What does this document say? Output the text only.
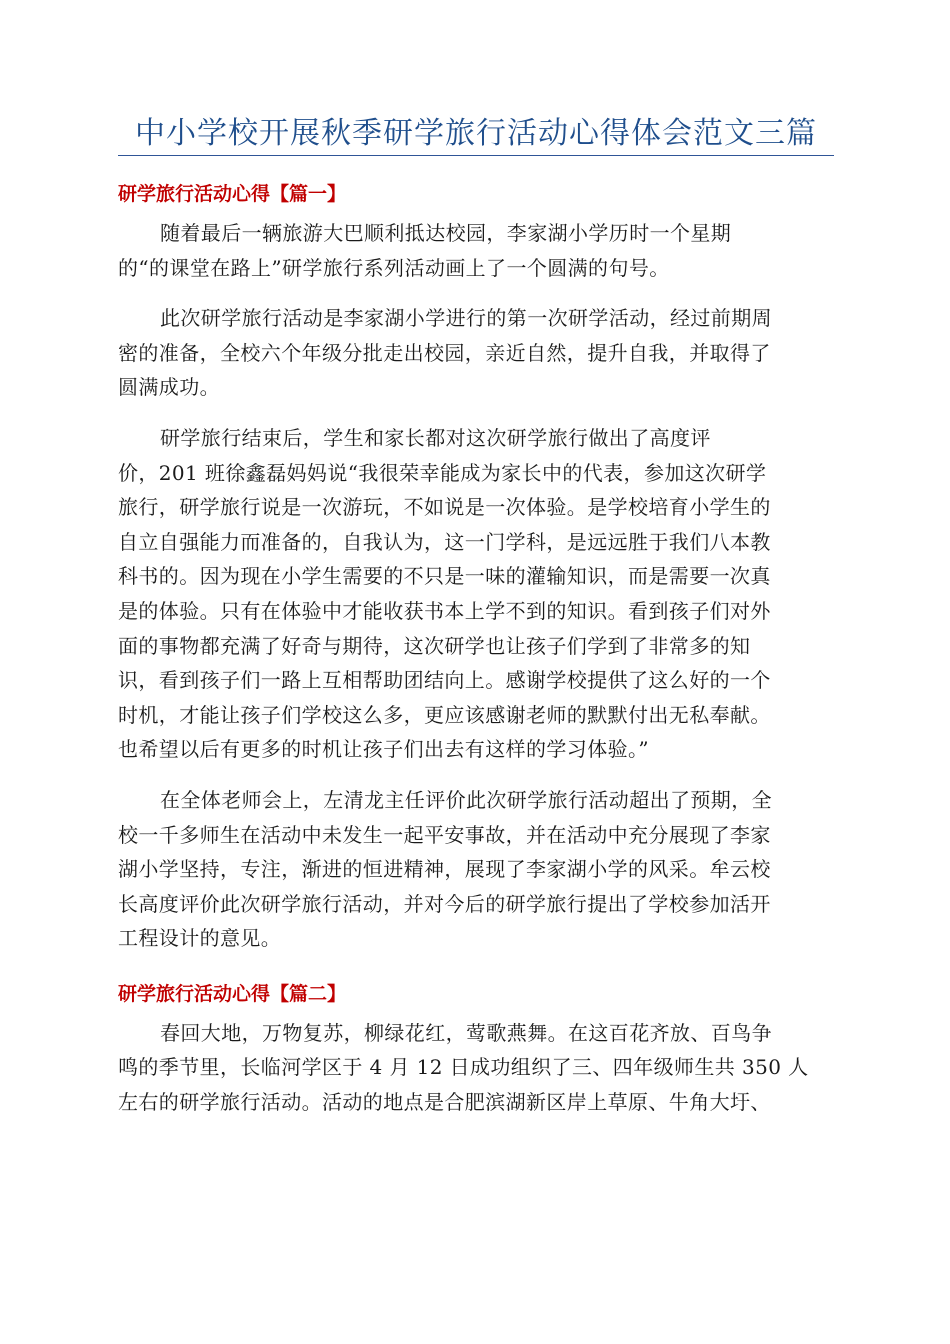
中小学校开展秋季研学旅行活动心得体会范文三篇
研学旅行活动心得【篇一】

随着最后一辆旅游大巴顺利抵达校园，李家湖小学历时一个星期
的“的课堂在路上”研学旅行系列活动画上了一个圆满的句号。

此次研学旅行活动是李家湖小学进行的第一次研学活动，经过前期周
密的准备，全校六个年级分批走出校园，亲近自然，提升自我，并取得了
圆满成功。

研学旅行结束后，学生和家长都对这次研学旅行做出了高度评
价，201 班徐鑫磊妈妈说“我很荣幸能成为家长中的代表，参加这次研学
旅行，研学旅行说是一次游玩，不如说是一次体验。是学校培育小学生的
自立自强能力而准备的，自我认为，这一门学科，是远远胜于我们八本教
科书的。因为现在小学生需要的不只是一味的灌输知识，而是需要一次真
是的体验。只有在体验中才能收获书本上学不到的知识。看到孩子们对外
面的事物都充满了好奇与期待，这次研学也让孩子们学到了非常多的知
识，看到孩子们一路上互相帮助团结向上。感谢学校提供了这么好的一个
时机，才能让孩子们学校这么多，更应该感谢老师的默默付出无私奉献。
也希望以后有更多的时机让孩子们出去有这样的学习体验。”

在全体老师会上，左清龙主任评价此次研学旅行活动超出了预期，全
校一千多师生在活动中未发生一起平安事故，并在活动中充分展现了李家
湖小学坚持，专注，渐进的恒进精神，展现了李家湖小学的风采。牟云校
长高度评价此次研学旅行活动，并对今后的研学旅行提出了学校参加活开
工程设计的意见。

研学旅行活动心得【篇二】

春回大地，万物复苏，柳绿花红，莺歌燕舞。在这百花齐放、百鸟争
鸣的季节里，长临河学区于 4 月 12 日成功组织了三、四年级师生共 350 人
左右的研学旅行活动。活动的地点是合肥滨湖新区岸上草原、牛角大圩、
